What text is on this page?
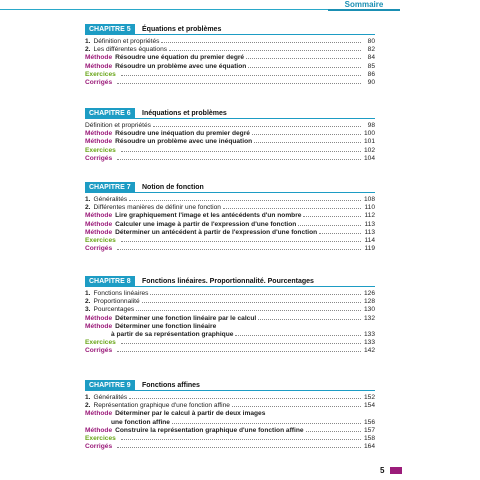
Sommaire
CHAPITRE 5	Équations et problèmes
1. Définition et propriétés	80
2. Les différentes équations	82
Méthode Résoudre une équation du premier degré	84
Méthode Résoudre un problème avec une équation	85
Exercices	86
Corrigés	90
CHAPITRE 6	Inéquations et problèmes
Définition et propriétés	98
Méthode Résoudre une inéquation du premier degré	100
Méthode Résoudre un problème avec une inéquation	101
Exercices	102
Corrigés	104
CHAPITRE 7	Notion de fonction
1. Généralités	108
2. Différentes manières de définir une fonction	110
Méthode Lire graphiquement l'image et les antécédents d'un nombre	112
Méthode Calculer une image à partir de l'expression d'une fonction	113
Méthode Déterminer un antécédent à partir de l'expression d'une fonction	113
Exercices	114
Corrigés	119
CHAPITRE 8	Fonctions linéaires. Proportionnalité. Pourcentages
1. Fonctions linéaires	126
2. Proportionnalité	128
3. Pourcentages	130
Méthode Déterminer une fonction linéaire par le calcul	132
Méthode Déterminer une fonction linéaire
à partir de sa représentation graphique	133
Exercices	133
Corrigés	142
CHAPITRE 9	Fonctions affines
1. Généralités	152
2. Représentation graphique d'une fonction affine	154
Méthode Déterminer par le calcul à partir de deux images
une fonction affine	156
Méthode Construire la représentation graphique d'une fonction affine	157
Exercices	158
Corrigés	164
5
